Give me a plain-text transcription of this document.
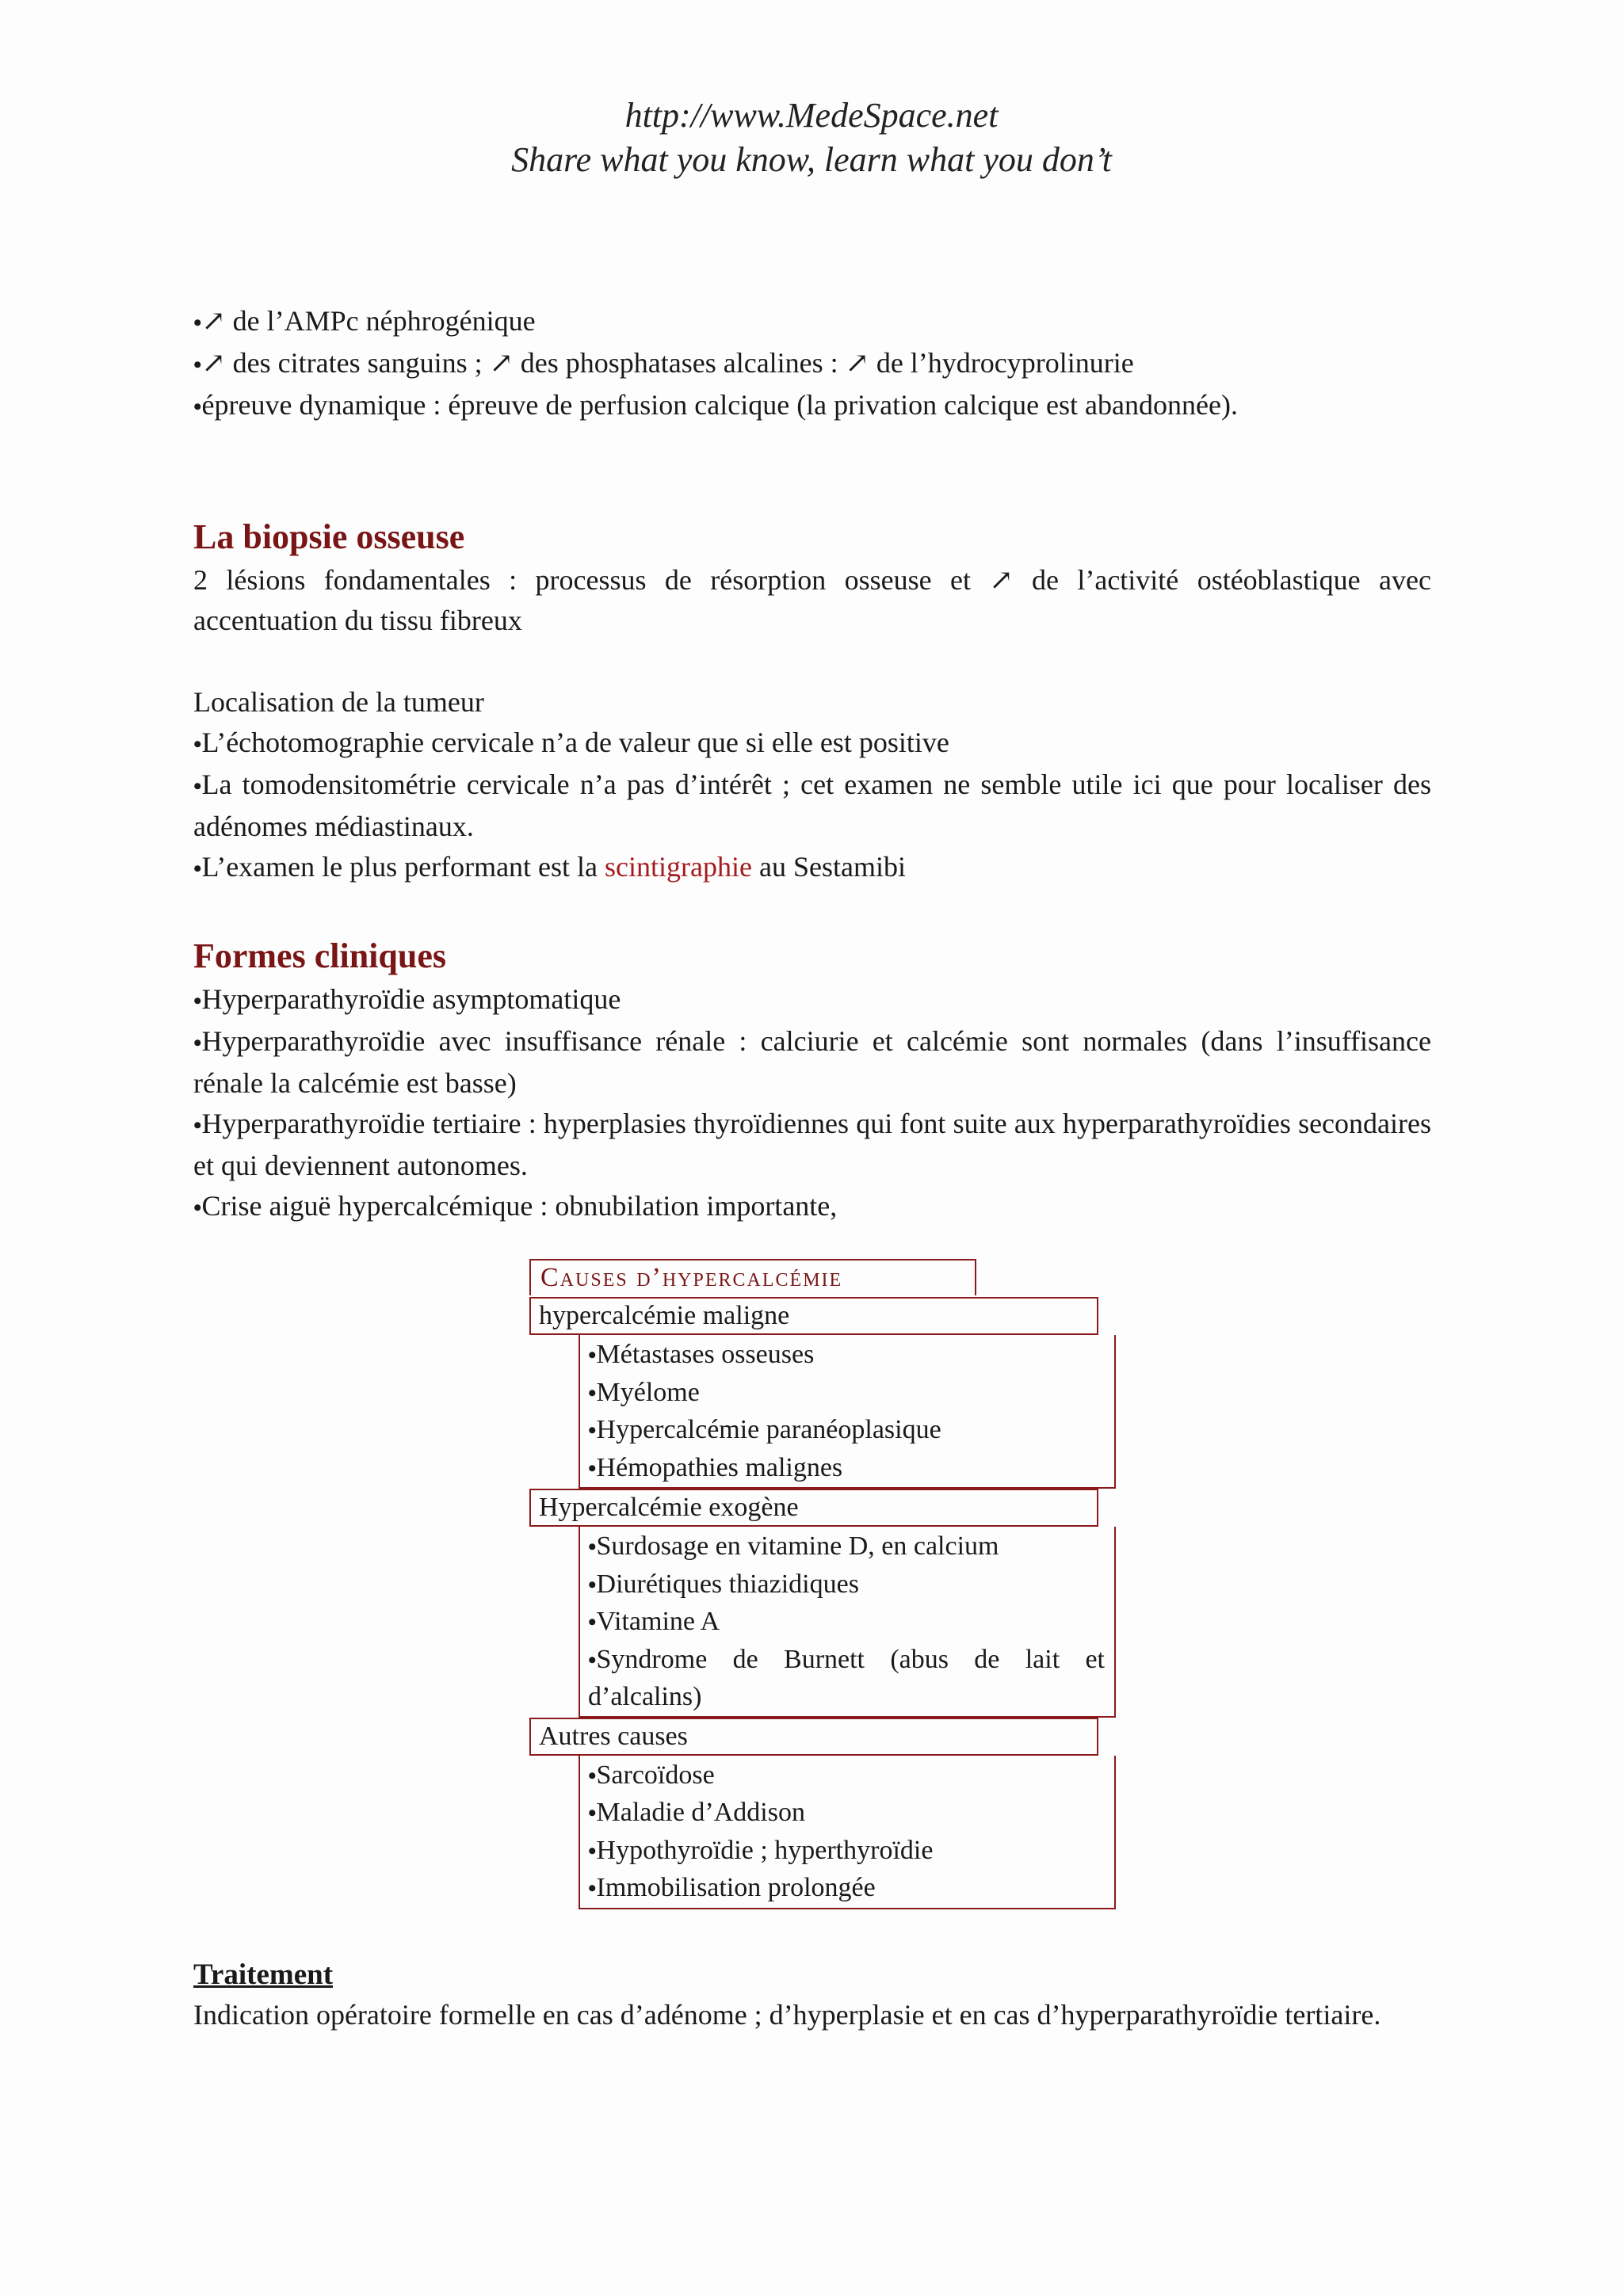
http://www.MedeSpace.net
Share what you know, learn what you don’t
•↗ de l’AMPc néphrogénique
•↗ des citrates sanguins ; ↗ des phosphatases alcalines : ↗ de l’hydrocyprolinurie
•épreuve dynamique : épreuve de perfusion calcique (la privation calcique est abandonnée).
La biopsie osseuse
2 lésions fondamentales : processus de résorption osseuse et ↗ de l’activité ostéoblastique avec accentuation du tissu fibreux
Localisation de la tumeur
•L’échotomographie cervicale n’a de valeur que si elle est positive
•La tomodensitométrie cervicale n’a pas d’intérêt ; cet examen ne semble utile ici que pour localiser des adénomes médiastinaux.
•L’examen le plus performant est la scintigraphie au Sestamibi
Formes cliniques
•Hyperparathyroïdie asymptomatique
•Hyperparathyroïdie avec insuffisance rénale : calciurie et calcémie sont normales (dans l’insuffisance rénale la calcémie est basse)
•Hyperparathyroïdie tertiaire : hyperplasies thyroïdiennes qui font suite aux hyperparathyroïdies secondaires et qui deviennent autonomes.
•Crise aiguë hypercalcémique : obnubilation importante,
Causes d’hypercalcémie
hypercalcémie maligne
•Métastases osseuses
•Myélome
•Hypercalcémie paranéoplasique
•Hémopathies malignes
Hypercalcémie exogène
•Surdosage en vitamine D, en calcium
•Diurétiques thiazidiques
•Vitamine A
•Syndrome de Burnett (abus de lait et d’alcalins)
Autres causes
•Sarcoïdose
•Maladie d’Addison
•Hypothyroïdie ; hyperthyroïdie
•Immobilisation prolongée
Traitement
Indication opératoire formelle en cas d’adénome ; d’hyperplasie et en cas d’hyperparathyroïdie tertiaire.
